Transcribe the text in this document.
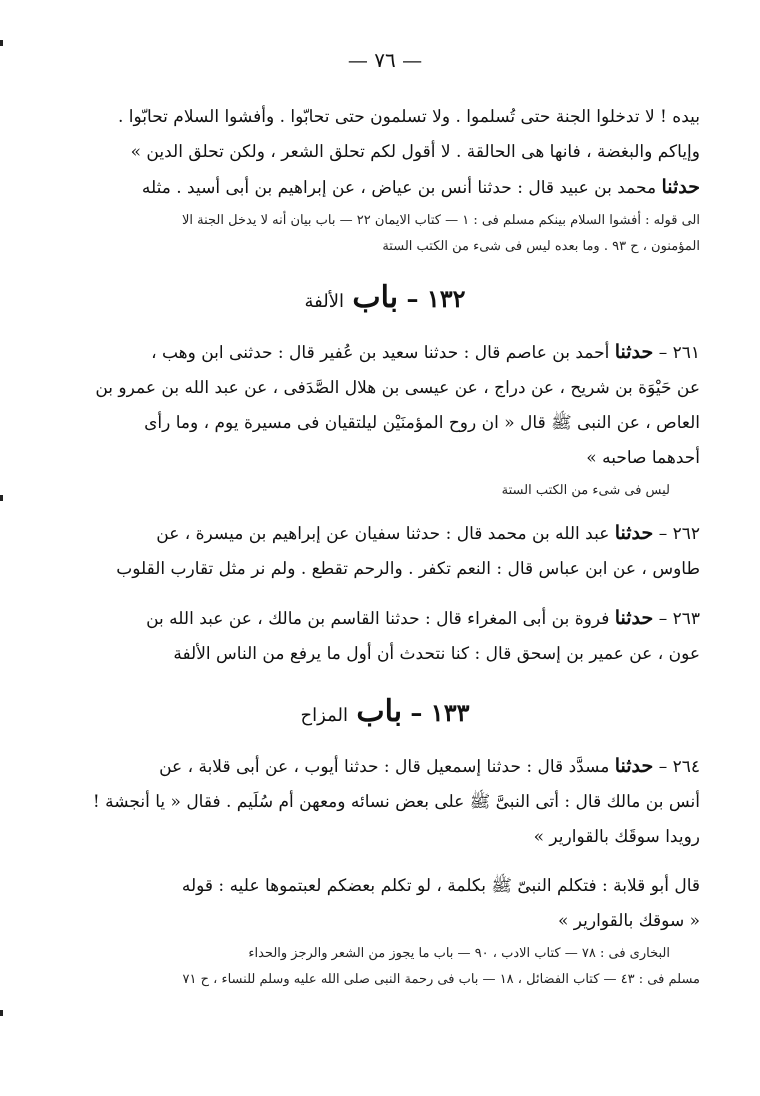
— ٧٦ —

بيده ! لا تدخلوا الجنة حتى تُسلموا . ولا تسلمون حتى تحابّوا . وأفشوا السلام تحابّوا .

وإياكم والبغضة ، فانها هى الحالقة . لا أقول لكم تحلق الشعر ، ولكن تحلق الدين »

حدثنا محمد بن عبيد قال : حدثنا أنس بن عياض ، عن إبراهيم بن أبى أسيد . مثله

الى قوله : أفشوا السلام بينكم مسلم فى : ١ — كتاب الايمان ٢٢ — باب بيان أنه لا يدخل الجنة الا

المؤمنون ، ح ٩٣ . وما بعده ليس فى شىء من الكتب الستة

١٣٢ – باب الألفة

٢٦١ – حدثنا أحمد بن عاصم قال : حدثنا سعيد بن عُفير قال : حدثنى ابن وهب ،

عن حَيْوَة بن شريح ، عن دراج ، عن عيسى بن هلال الصَّدَفى ، عن عبد الله بن عمرو بن

العاص ، عن النبى ﷺ قال « ان روح المؤمنَيْن ليلتقيان فى مسيرة يوم ، وما رأى

أحدهما صاحبه »

ليس فى شىء من الكتب الستة

٢٦٢ – حدثنا عبد الله بن محمد قال : حدثنا سفيان عن إبراهيم بن ميسرة ، عن

طاوس ، عن ابن عباس قال : النعم تكفر . والرحم تقطع . ولم نر مثل تقارب القلوب

٢٦٣ – حدثنا فروة بن أبى المغراء قال : حدثنا القاسم بن مالك ، عن عبد الله بن

عون ، عن عمير بن إسحق قال : كنا نتحدث أن أول ما يرفع من الناس الألفة

١٣٣ – باب المزاح

٢٦٤ – حدثنا مسدَّد قال : حدثنا إسمعيل قال : حدثنا أيوب ، عن أبى قلابة ، عن

أنس بن مالك قال : أتى النبىَّ ﷺ على بعض نسائه ومعهن أم سُلَيم . فقال « يا أنجشة !

رويدا سوقَك بالقوارير »

قال أبو قلابة : فتكلم النبىّ ﷺ بكلمة ، لو تكلم بعضكم لعبتموها عليه : قوله

« سوقك بالقوارير »

البخارى فى : ٧٨ — كتاب الادب ، ٩٠ — باب ما يجوز من الشعر والرجز والحداء

مسلم فى : ٤٣ — كتاب الفضائل ، ١٨ — باب فى رحمة النبى صلى الله عليه وسلم للنساء ، ح ٧١
